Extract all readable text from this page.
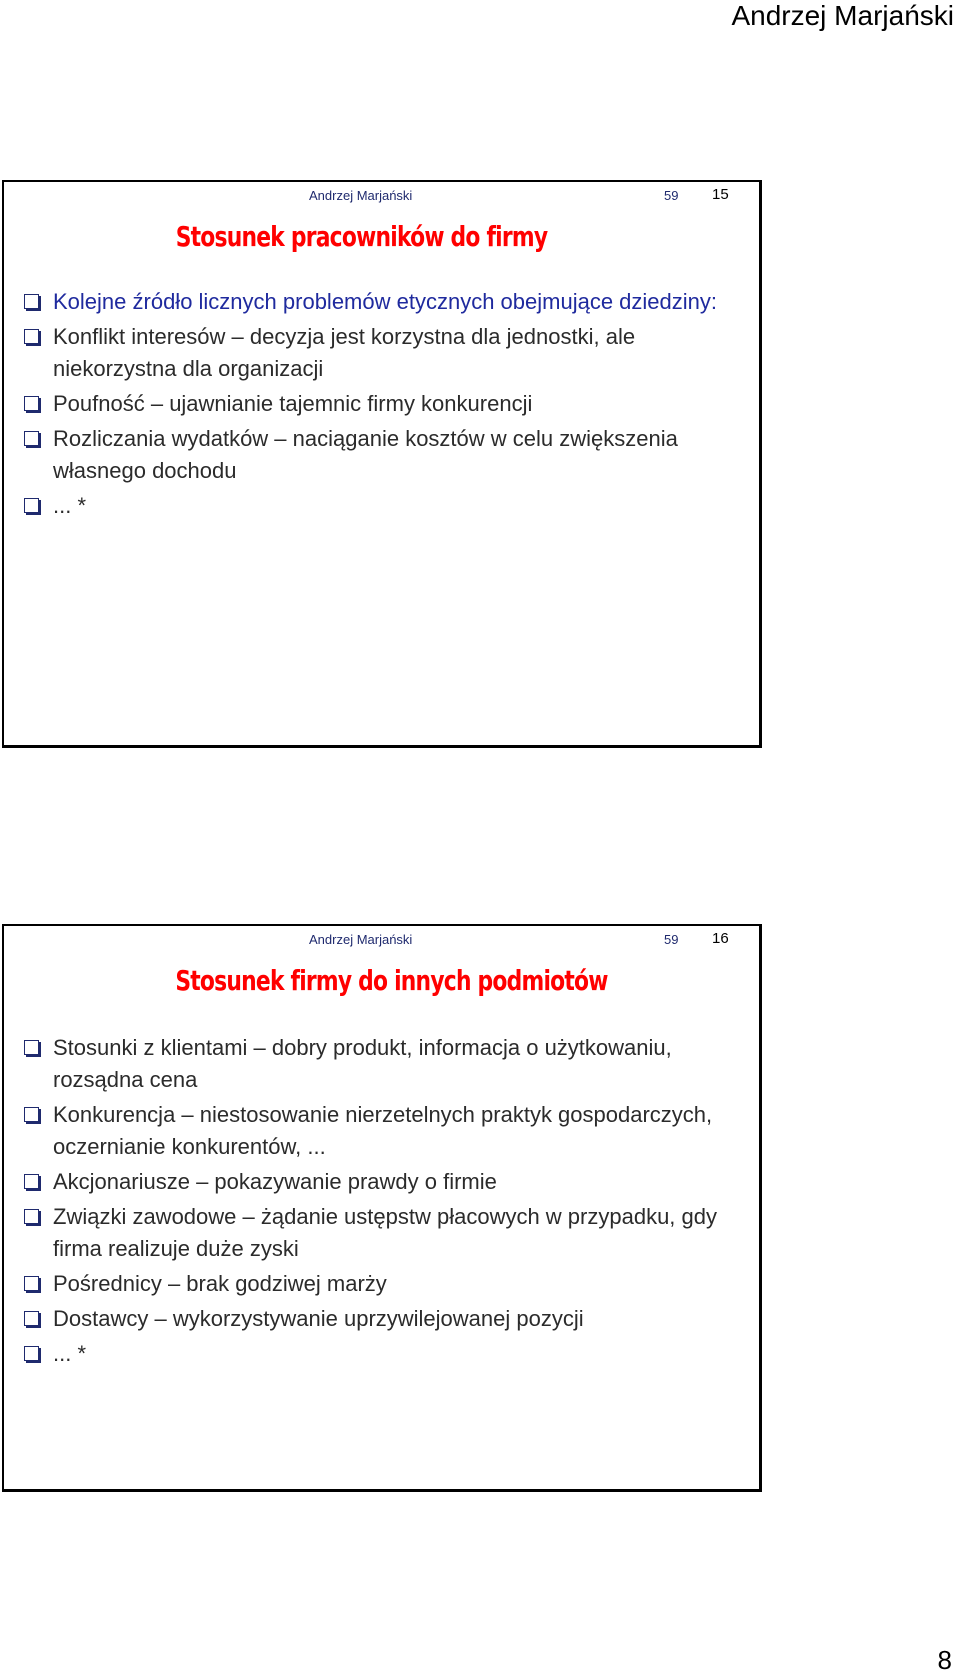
Andrzej Marjański
Andrzej Marjański	59 15
Stosunek pracowników do firmy
Kolejne źródło licznych problemów etycznych obejmujące dziedziny:
Konflikt interesów – decyzja jest korzystna dla jednostki, ale niekorzystna dla organizacji
Poufność – ujawnianie tajemnic firmy konkurencji
Rozliczania wydatków – naciąganie kosztów w celu zwiększenia własnego dochodu
... *
Andrzej Marjański	59 16
Stosunek firmy do innych podmiotów
Stosunki z klientami – dobry produkt, informacja o użytkowaniu, rozsądna cena
Konkurencja – niestosowanie nierzetelnych praktyk gospodarczych, oczernianie konkurentów, ...
Akcjonariusze – pokazywanie prawdy o firmie
Związki zawodowe – żądanie ustępstw płacowych w przypadku, gdy firma realizuje duże zyski
Pośrednicy – brak godziwej marży
Dostawcy – wykorzystywanie uprzywilejowanej pozycji
... *
8
